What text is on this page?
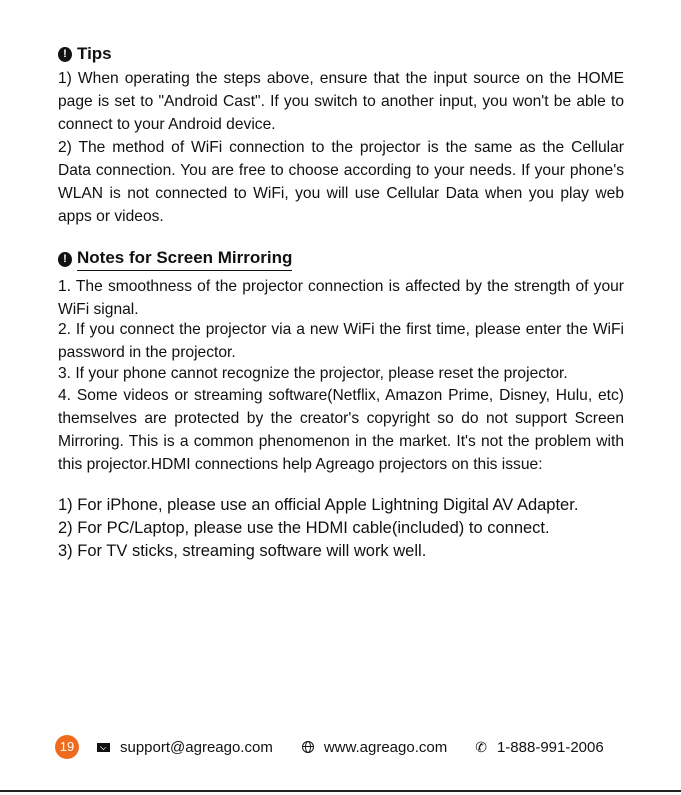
! Tips

1) When operating the steps above, ensure that the input source on the HOME page is set to "Android Cast". If you switch to another input, you won't be able to connect to your Android device.

2) The method of WiFi connection to the projector is the same as the Cellular Data connection. You are free to choose according to your needs. If your phone's WLAN is not connected to WiFi, you will use Cellular Data when you play web apps or videos.

! Notes for Screen Mirroring

1. The smoothness of the projector connection is affected by the strength of your WiFi signal.

2. If you connect the projector via a new WiFi the first time, please enter the WiFi password in the projector.

3. If your phone cannot recognize the projector, please reset the projector.

4. Some videos or streaming software(Netflix, Amazon Prime, Disney, Hulu, etc) themselves are protected by the creator's copyright so do not support Screen Mirroring. This is a common phenomenon in the market. It's not the problem with this projector.HDMI connections help Agreago projectors on this issue:

1) For iPhone, please use an official Apple Lightning Digital AV Adapter.

2) For PC/Laptop, please use the HDMI cable(included) to connect.

3) For TV sticks, streaming software will work well.

19	support@agreago.com	www.agreago.com ✆ 1-888-991-2006
